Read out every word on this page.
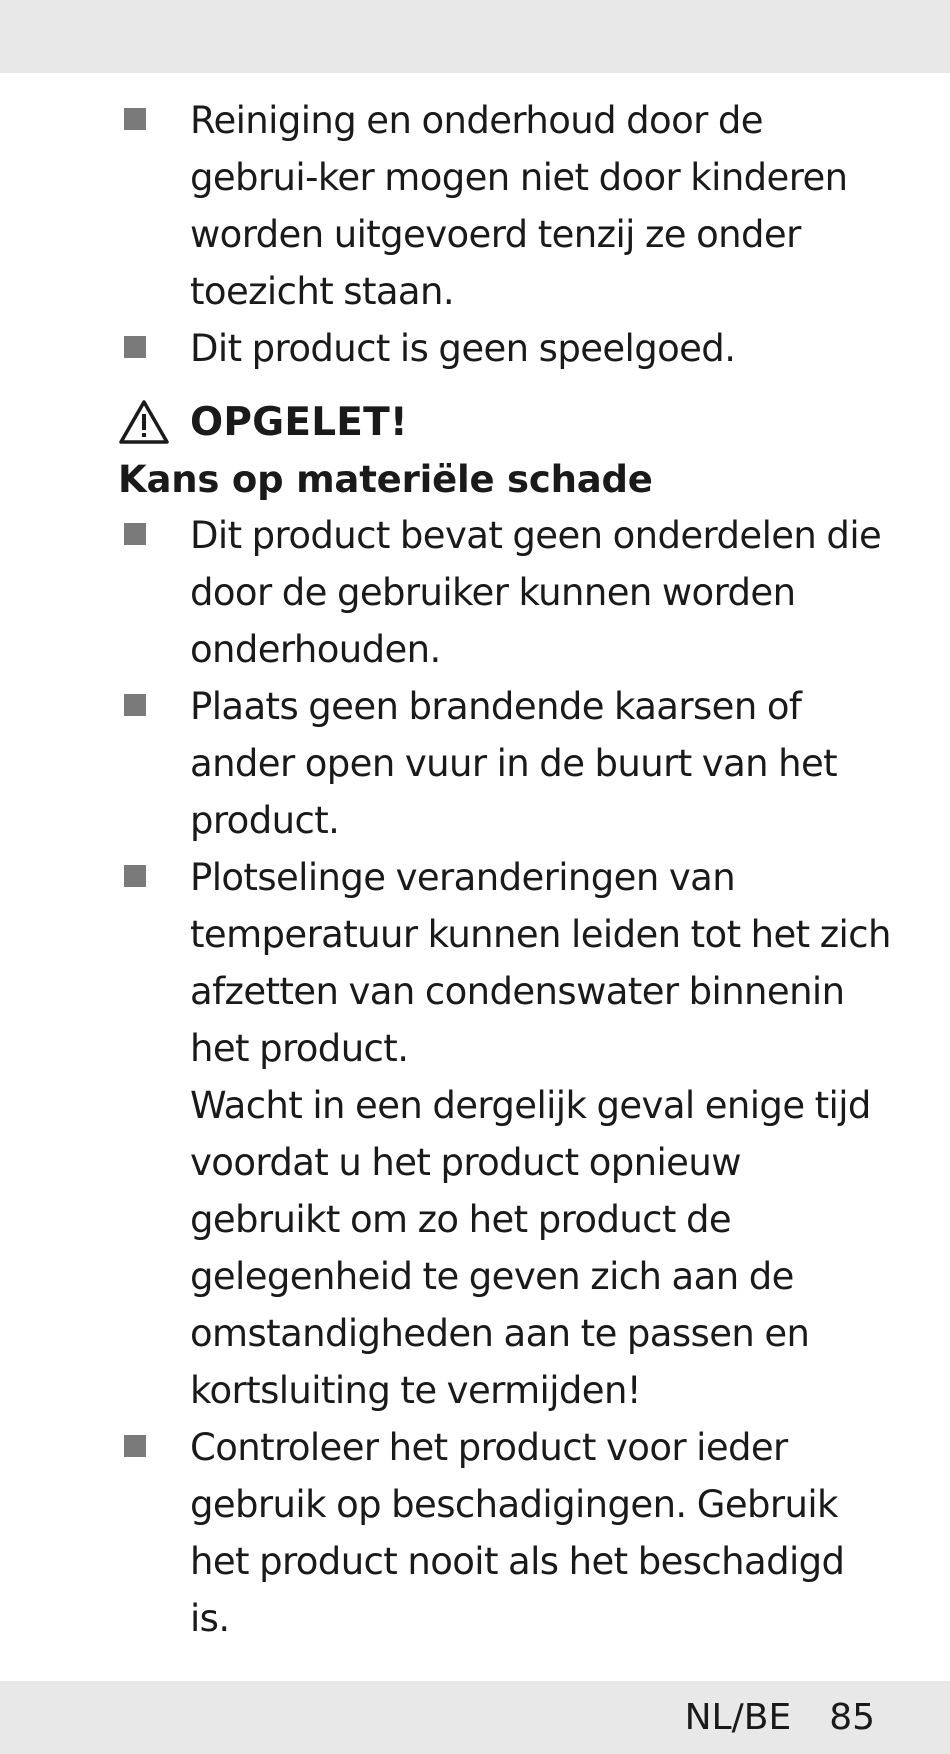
Reiniging en onderhoud door de gebrui-ker mogen niet door kinderen worden uitgevoerd tenzij ze onder toezicht staan.

Dit product is geen speelgoed.

OPGELET!
Kans op materiële schade

Dit product bevat geen onderdelen die door de gebruiker kunnen worden onderhouden.

Plaats geen brandende kaarsen of ander open vuur in de buurt van het product.

Plotselinge veranderingen van temperatuur kunnen leiden tot het zich afzetten van condenswater binnenin het product.

Wacht in een dergelijk geval enige tijd voordat u het product opnieuw gebruikt om zo het product de gelegenheid te geven zich aan de omstandigheden aan te passen en kortsluiting te vermijden!

Controleer het product voor ieder gebruik op beschadigingen. Gebruik het product nooit als het beschadigd is.

NL/BE 85
